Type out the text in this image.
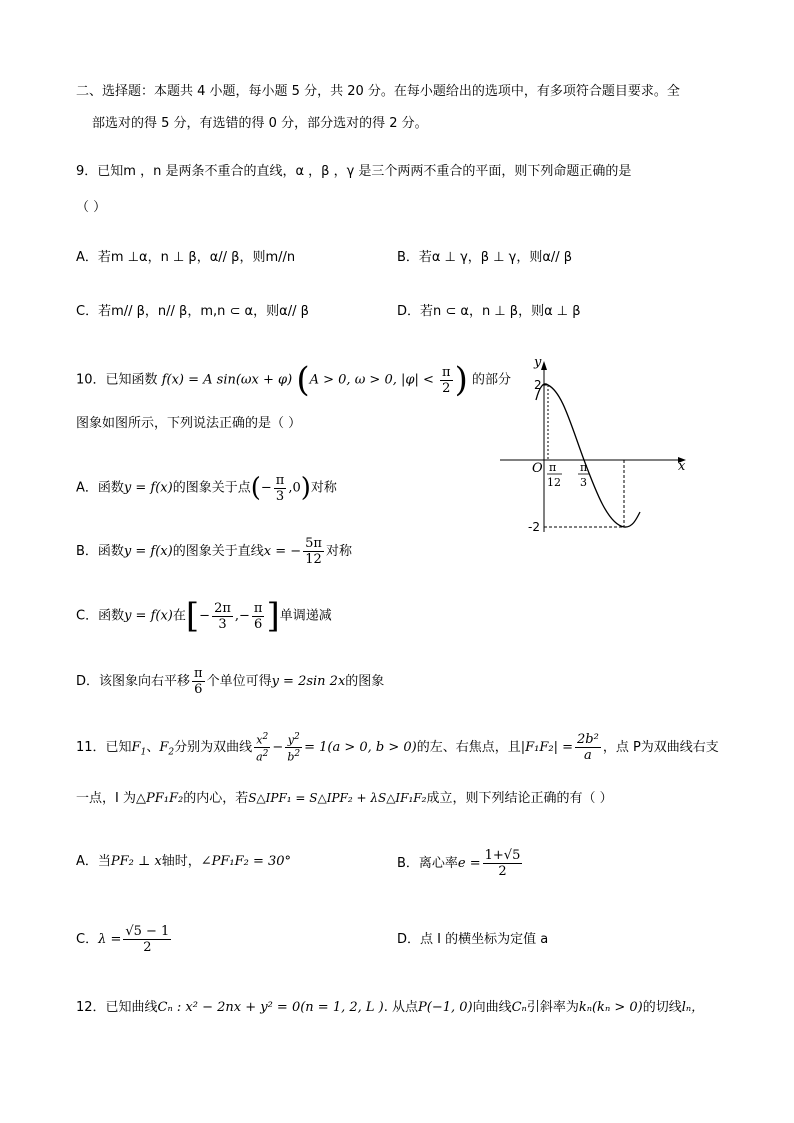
二、选择题：本题共 4 小题，每小题 5 分，共 20 分。在每小题给出的选项中，有多项符合题目要求。全
部选对的得 5 分，有选错的得 0 分，部分选对的得 2 分。
9．已知m ，n 是两条不重合的直线，α ，β ，γ 是三个两两不重合的平面，则下列命题正确的是
（ ）
A．若m ⊥α，n ⊥ β，α// β，则m//n	B．若α ⊥ γ，β ⊥ γ，则α// β
C．若m// β，n// β，m,n ⊂ α，则α// β	D．若n ⊂ α，n ⊥ β，则α ⊥ β
10．已知函数 f(x) = A sin(ωx + φ) (A > 0, ω > 0, $|\varphi| < \frac{\pi}{2}$ ) 的部分
图象如图所示，下列说法正确的是（ ）
A．函数y = f(x)的图象关于点(− $\frac{\pi}{3} ,0$)对称
B．函数y = f(x)的图象关于直线x = − $\frac{5\pi}{12}$ 对称
C．函数y = f(x)在[− $\frac{2\pi}{3}$ ,− $\frac{\pi}{6}$ ]单调递减
D．该图象向右平移 $\frac{\pi}{6}$ 个单位可得y = 2sin 2x的图象
y
x
O
2
-2
π
12
π
3
11．已知$F_1$、$F_2$分别为双曲线 $\frac{x^2}{a^2} - \frac{y^2}{b^2} = 1(a > 0$, b > 0)的左、右焦点，且$|F_1F_2| = \frac{\text{2b²}}{a}$ ，点 P为双曲线右支
一点，I 为△PF₁F₂的内心，若S△IPF₁ = S△IPF₂ + λS△IF₁F₂成立，则下列结论正确的有（ ）
A．当PF₂ ⊥ x轴时，∠PF₁F₂ = 30°	B．离心率$e = \frac{1+√5}{2}$
C．$\lambda = \frac{√5 - 1}{2}$	D．点 I 的横坐标为定值 a
12．已知曲线Cₙ : x² − 2nx + y² = 0(n = 1, 2, L ). 从点P(−1, 0)向曲线Cₙ引斜率为kₙ(kₙ > 0)的切线lₙ，
